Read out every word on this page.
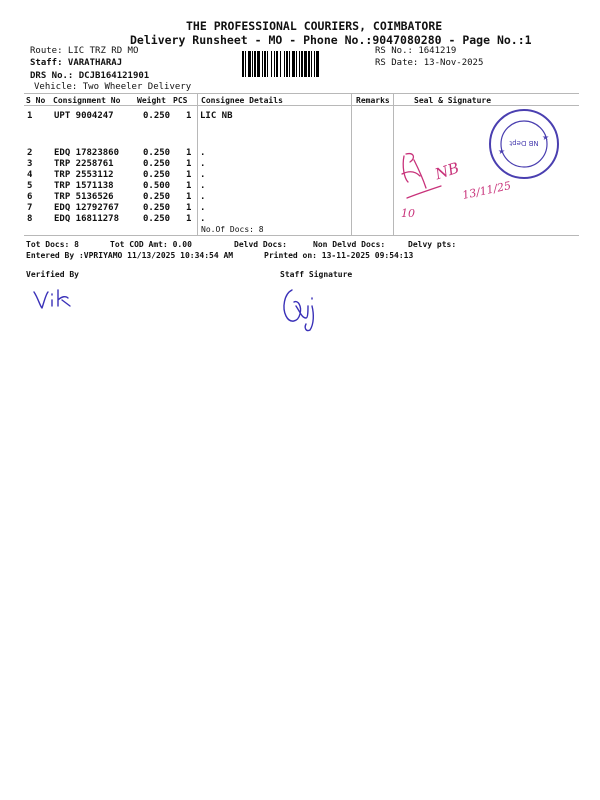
THE PROFESSIONAL COURIERS, COIMBATORE
Delivery Runsheet - MO - Phone No.:9047080280 - Page No.:1
Route: LIC TRZ RD MO
Staff: VARATHARAJ
DRS No.: DCJB164121901
Vehicle: Two Wheeler Delivery
RS No.: 1641219
RS Date: 13-Nov-2025
S No Consignment No Weight PCS Consignee Details	Remarks	Seal & Signature
1 UPT 9004247	0.250 1 LIC NB
2 EDQ 17823860	0.250 1 .
3 TRP 2258761	0.250 1 .
4 TRP 2553112	0.250 1 .
5 TRP 1571138	0.500 1 .
6 TRP 5136526	0.250 1 .
7 EDQ 12792767	0.250 1 .
8 EDQ 16811278	0.250 1 .
No.Of Docs: 8
Tot Docs: 8	Tot COD Amt: 0.00	Delvd Docs:	Non Delvd Docs:	Delvy pts:
Entered By :VPRIYAMO 11/13/2025 10:34:54 AM	Printed on: 13-11-2025 09:54:13
Verified By	Staff Signature
NB Dept
★
★
NB
13/11/25
10
